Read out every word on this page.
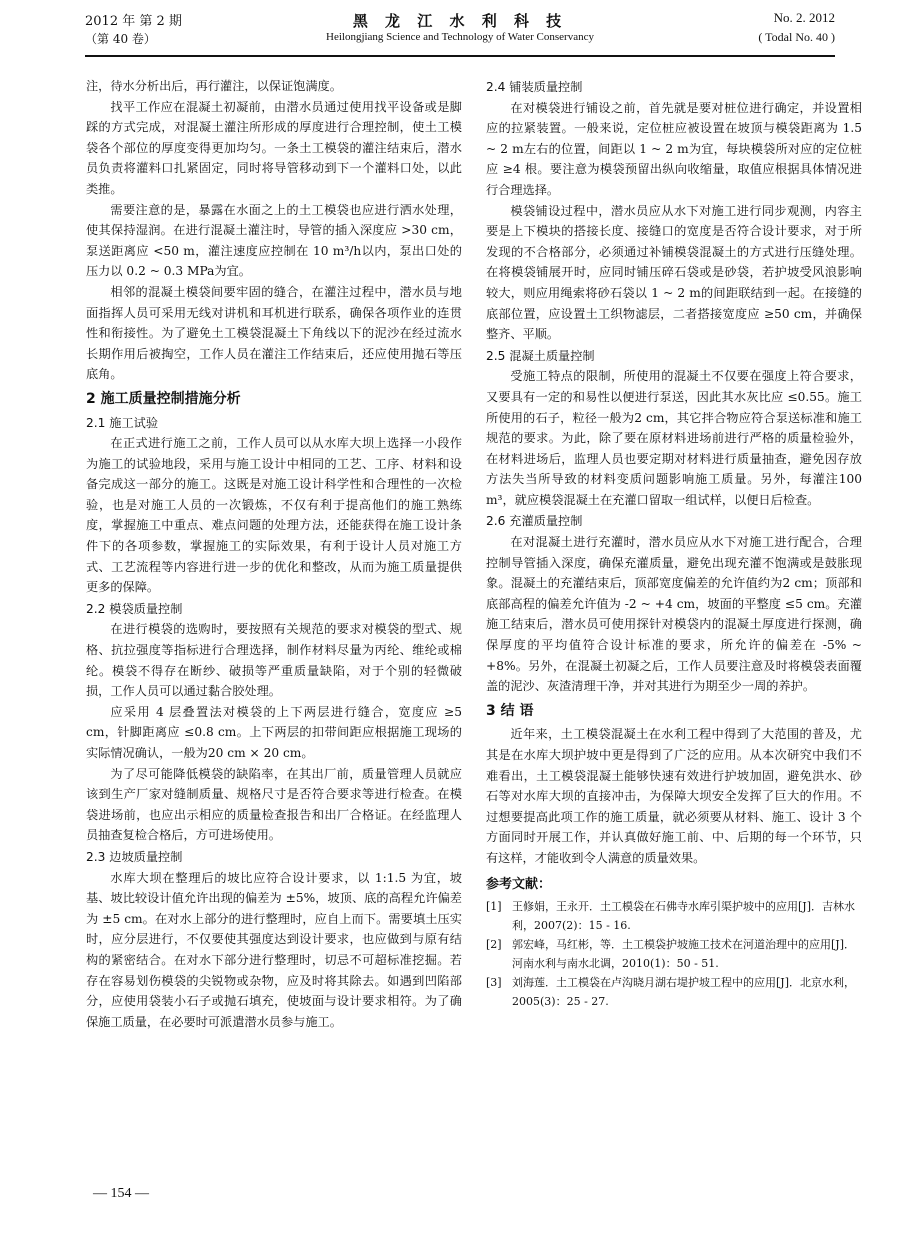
2012 年 第 2 期
（第 40 卷）
黑 龙 江 水 利 科 技
Heilongjiang Science and Technology of Water Conservancy
No. 2. 2012
( Todal No. 40 )

注，待水分析出后，再行灌注，以保证饱满度。

找平工作应在混凝土初凝前，由潜水员通过使用找平设备或是脚踩的方式完成，对混凝土灌注所形成的厚度进行合理控制，使土工模袋各个部位的厚度变得更加均匀。一条土工模袋的灌注结束后，潜水员负责将灌料口扎紧固定，同时将导管移动到下一个灌料口处，以此类推。

需要注意的是，暴露在水面之上的土工模袋也应进行洒水处理，使其保持湿润。在进行混凝土灌注时，导管的插入深度应 >30 cm，泵送距离应 <50 m，灌注速度应控制在 10 m³/h以内，泵出口处的压力以 0.2 ~ 0.3 MPa为宜。

相邻的混凝土模袋间要牢固的缝合，在灌注过程中，潜水员与地面指挥人员可采用无线对讲机和耳机进行联系，确保各项作业的连贯性和衔接性。为了避免土工模袋混凝土下角线以下的泥沙在经过流水长期作用后被掏空，工作人员在灌注工作结束后，还应使用抛石等压底角。

2 施工质量控制措施分析
2.1 施工试验

在正式进行施工之前，工作人员可以从水库大坝上选择一小段作为施工的试验地段，采用与施工设计中相同的工艺、工序、材料和设备完成这一部分的施工。这既是对施工设计科学性和合理性的一次检验，也是对施工人员的一次锻炼，不仅有利于提高他们的施工熟练度，掌握施工中重点、难点问题的处理方法，还能获得在施工设计条件下的各项参数，掌握施工的实际效果，有利于设计人员对施工方式、工艺流程等内容进行进一步的优化和整改，从而为施工质量提供更多的保障。

2.2 模袋质量控制

在进行模袋的选购时，要按照有关规范的要求对模袋的型式、规格、抗拉强度等指标进行合理选择，制作材料尽量为丙纶、维纶或棉纶。模袋不得存在断纱、破损等严重质量缺陷，对于个别的轻微破损，工作人员可以通过黏合胶处理。

应采用 4 层叠置法对模袋的上下两层进行缝合，宽度应 ≥5 cm，针脚距离应 ≤0.8 cm。上下两层的扣带间距应根据施工现场的实际情况确认，一般为20 cm × 20 cm。

为了尽可能降低模袋的缺陷率，在其出厂前，质量管理人员就应该到生产厂家对缝制质量、规格尺寸是否符合要求等进行检查。在模袋进场前，也应出示相应的质量检查报告和出厂合格证。在经监理人员抽查复检合格后，方可进场使用。

2.3 边坡质量控制

水库大坝在整理后的坡比应符合设计要求，以 1:1.5 为宜，坡基、坡比较设计值允许出现的偏差为 ±5%，坡顶、底的高程允许偏差为 ±5 cm。在对水上部分的进行整理时，应自上而下。需要填土压实时，应分层进行，不仅要使其强度达到设计要求，也应做到与原有结构的紧密结合。在对水下部分进行整理时，切忌不可超标准挖掘。若存在容易划伤模袋的尖锐物或杂物，应及时将其除去。如遇到凹陷部分，应使用袋装小石子或抛石填充，使坡面与设计要求相符。为了确保施工质量，在必要时可派遣潜水员参与施工。

2.4 铺装质量控制

在对模袋进行铺设之前，首先就是要对桩位进行确定，并设置相应的拉紧装置。一般来说，定位桩应被设置在坡顶与模袋距离为 1.5 ~ 2 m左右的位置，间距以 1 ~ 2 m为宜，每块模袋所对应的定位桩应 ≥4 根。要注意为模袋预留出纵向收缩量，取值应根据具体情况进行合理选择。

模袋铺设过程中，潜水员应从水下对施工进行同步观测，内容主要是上下模块的搭接长度、接缝口的宽度是否符合设计要求，对于所发现的不合格部分，必须通过补铺模袋混凝土的方式进行压缝处理。在将模袋铺展开时，应同时铺压碎石袋或是砂袋，若护坡受风浪影响较大，则应用绳索将砂石袋以 1 ~ 2 m的间距联结到一起。在接缝的底部位置，应设置土工织物滤层，二者搭接宽度应 ≥50 cm，并确保整齐、平顺。

2.5 混凝土质量控制

受施工特点的限制，所使用的混凝土不仅要在强度上符合要求，又要具有一定的和易性以便进行泵送，因此其水灰比应 ≤0.55。施工所使用的石子，粒径一般为2 cm，其它拌合物应符合泵送标准和施工规范的要求。为此，除了要在原材料进场前进行严格的质量检验外，在材料进场后，监理人员也要定期对材料进行质量抽查，避免因存放方法失当所导致的材料变质问题影响施工质量。另外，每灌注100 m³，就应模袋混凝土在充灌口留取一组试样，以便日后检查。

2.6 充灌质量控制

在对混凝土进行充灌时，潜水员应从水下对施工进行配合，合理控制导管插入深度，确保充灌质量，避免出现充灌不饱满或是鼓胀现象。混凝土的充灌结束后，顶部宽度偏差的允许值约为2 cm；顶部和底部高程的偏差允许值为 -2 ~ +4 cm，坡面的平整度 ≤5 cm。充灌施工结束后，潜水员可使用探针对模袋内的混凝土厚度进行探测，确保厚度的平均值符合设计标准的要求，所允许的偏差在 -5% ~ +8%。另外，在混凝土初凝之后，工作人员要注意及时将模袋表面覆盖的泥沙、灰渣清理干净，并对其进行为期至少一周的养护。

3 结 语

近年来，土工模袋混凝土在水利工程中得到了大范围的普及，尤其是在水库大坝护坡中更是得到了广泛的应用。从本次研究中我们不难看出，土工模袋混凝土能够快速有效进行护坡加固，避免洪水、砂石等对水库大坝的直接冲击，为保障大坝安全发挥了巨大的作用。不过想要提高此项工作的施工质量，就必须要从材料、施工、设计 3 个方面同时开展工作，并认真做好施工前、中、后期的每一个环节，只有这样，才能收到令人满意的质量效果。

参考文献：
[1] 王修娟，王永开．土工模袋在石佛寺水库引渠护坡中的应用[J]．吉林水利，2007(2)：15 - 16.
[2] 郭宏峰，马红彬，等．土工模袋护坡施工技术在河道治理中的应用[J]．河南水利与南水北调，2010(1)：50 - 51.
[3] 刘海莲．土工模袋在卢沟晓月湖右堤护坡工程中的应用[J]．北京水利，2005(3)：25 - 27.
— 154 —
